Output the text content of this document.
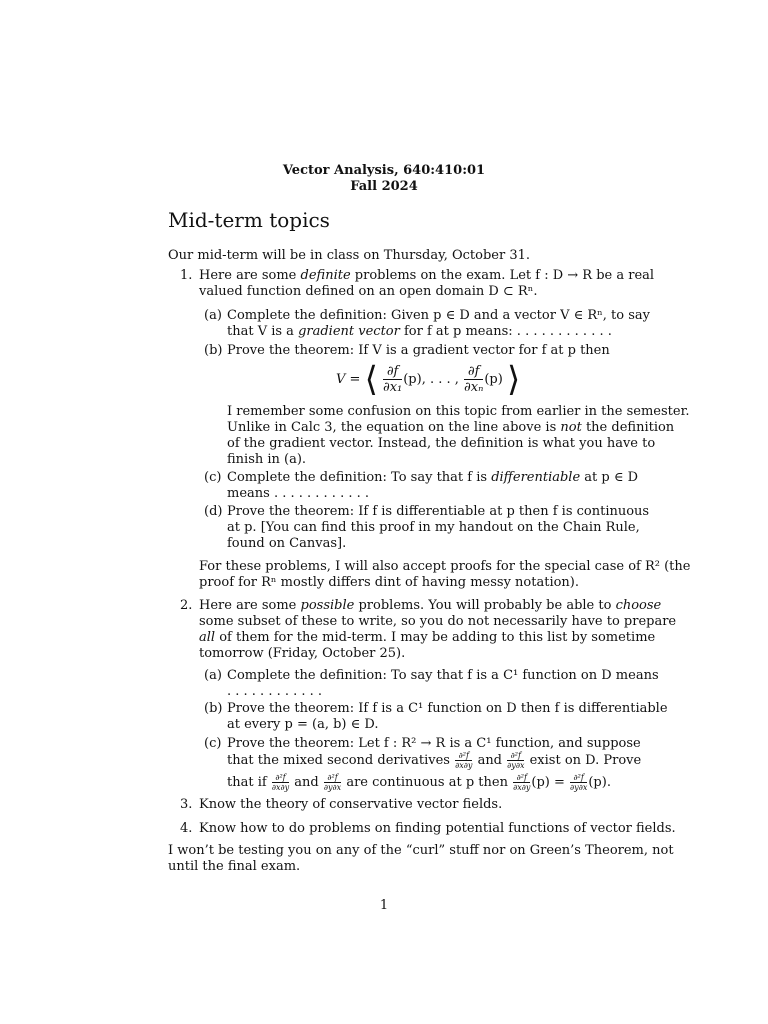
Vector Analysis, 640:410:01
Fall 2024
Mid-term topics
Our mid-term will be in class on Thursday, October 31.
1. Here are some definite problems on the exam. Let f : D → R be a real
valued function defined on an open domain D ⊂ Rⁿ.
(a) Complete the definition: Given p ∈ D and a vector V ∈ Rⁿ, to say
that V is a gradient vector for f at p means: . . . . . . . . . . . .
(b) Prove the theorem: If V is a gradient vector for f at p then
V = ⟨ $\frac{\partial f}{\text{∂x₁}} (p)$, . . . , $\frac{\partial f}{\text{∂xₙ}} (p)$ ⟩
I remember some confusion on this topic from earlier in the semester.
Unlike in Calc 3, the equation on the line above is not the definition
of the gradient vector. Instead, the definition is what you have to
finish in (a).
(c) Complete the definition: To say that f is differentiable at p ∈ D
means . . . . . . . . . . . .
(d) Prove the theorem: If f is differentiable at p then f is continuous
at p. [You can find this proof in my handout on the Chain Rule,
found on Canvas].
For these problems, I will also accept proofs for the special case of R² (the
proof for Rⁿ mostly differs dint of having messy notation).
2. Here are some possible problems. You will probably be able to choose
some subset of these to write, so you do not necessarily have to prepare
all of them for the mid-term. I may be adding to this list by sometime
tomorrow (Friday, October 25).
(a) Complete the definition: To say that f is a C¹ function on D means
. . . . . . . . . . . .
(b) Prove the theorem: If f is a C¹ function on D then f is differentiable
at every p = (a, b) ∈ D.
(c) Prove the theorem: Let f : R² → R is a C¹ function, and suppose
that the mixed second derivatives $\frac{\text{∂²f}}{\partial x\partial y}$ and $\frac{\text{∂²f}}{\partial y\partial x}$ exist on D. Prove
that if $\frac{\text{∂²f}}{\partial x\partial y}$ and $\frac{\text{∂²f}}{\partial y\partial x}$ are continuous at p then $\frac{\text{∂²f}}{\partial x\partial y} (p) = \frac{\text{∂²f}}{\partial y\partial x} (p)$.
3. Know the theory of conservative vector fields.
4. Know how to do problems on finding potential functions of vector fields.
I won’t be testing you on any of the “curl” stuff nor on Green’s Theorem, not
until the final exam.
1
